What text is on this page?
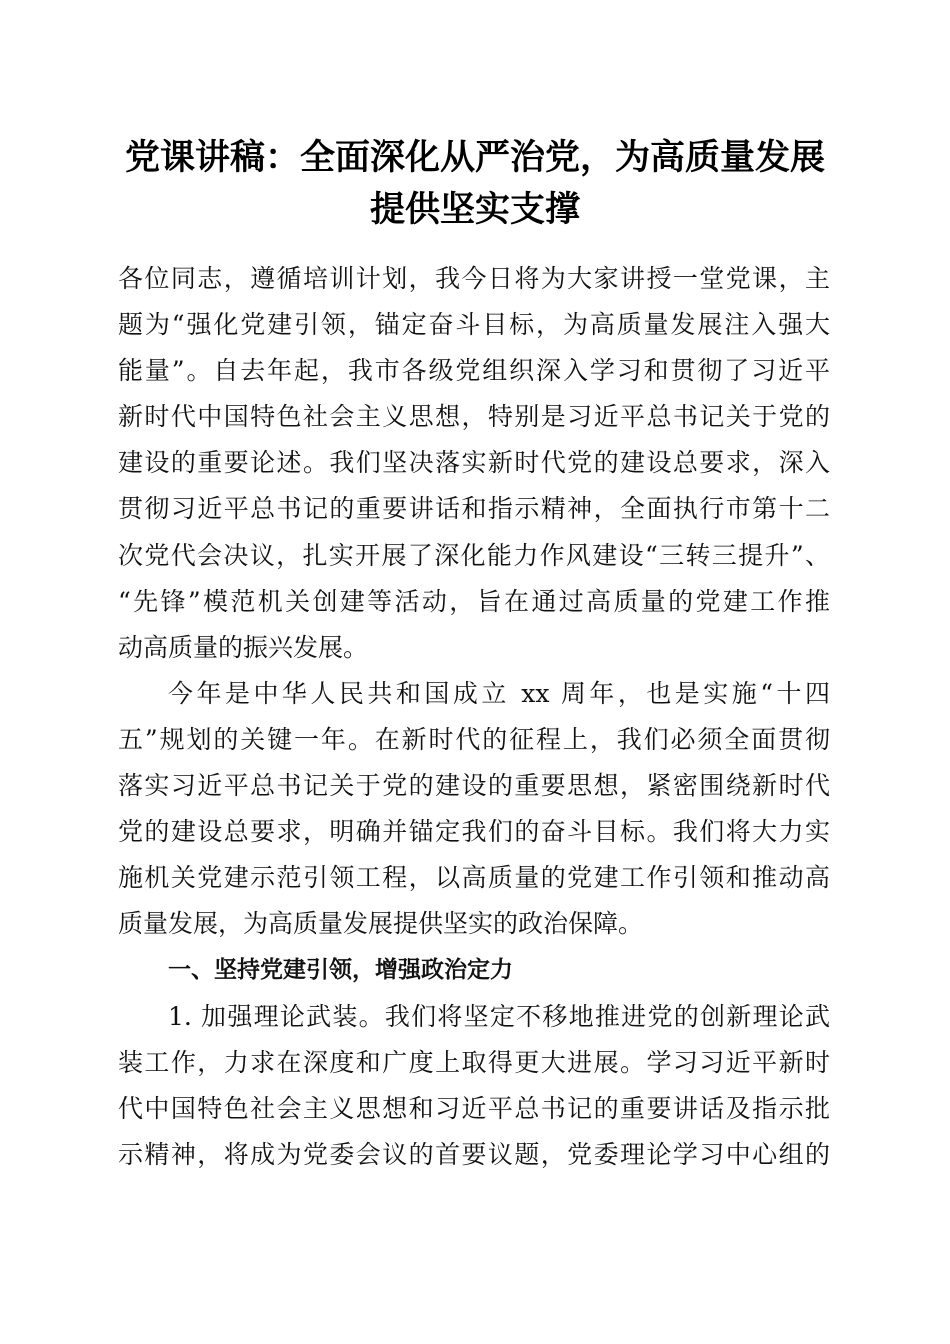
党课讲稿：全面深化从严治党，为高质量发展
提供坚实支撑
各位同志，遵循培训计划，我今日将为大家讲授一堂党课，主
题为“强化党建引领，锚定奋斗目标，为高质量发展注入强大
能量”。自去年起，我市各级党组织深入学习和贯彻了习近平
新时代中国特色社会主义思想，特别是习近平总书记关于党的
建设的重要论述。我们坚决落实新时代党的建设总要求，深入
贯彻习近平总书记的重要讲话和指示精神，全面执行市第十二
次党代会决议，扎实开展了深化能力作风建设“三转三提升”、
“先锋”模范机关创建等活动，旨在通过高质量的党建工作推
动高质量的振兴发展。
今年是中华人民共和国成立 xx 周年，也是实施“十四
五”规划的关键一年。在新时代的征程上，我们必须全面贯彻
落实习近平总书记关于党的建设的重要思想，紧密围绕新时代
党的建设总要求，明确并锚定我们的奋斗目标。我们将大力实
施机关党建示范引领工程，以高质量的党建工作引领和推动高
质量发展，为高质量发展提供坚实的政治保障。
一、坚持党建引领，增强政治定力
1. 加强理论武装。我们将坚定不移地推进党的创新理论武
装工作，力求在深度和广度上取得更大进展。学习习近平新时
代中国特色社会主义思想和习近平总书记的重要讲话及指示批
示精神，将成为党委会议的首要议题，党委理论学习中心组的
